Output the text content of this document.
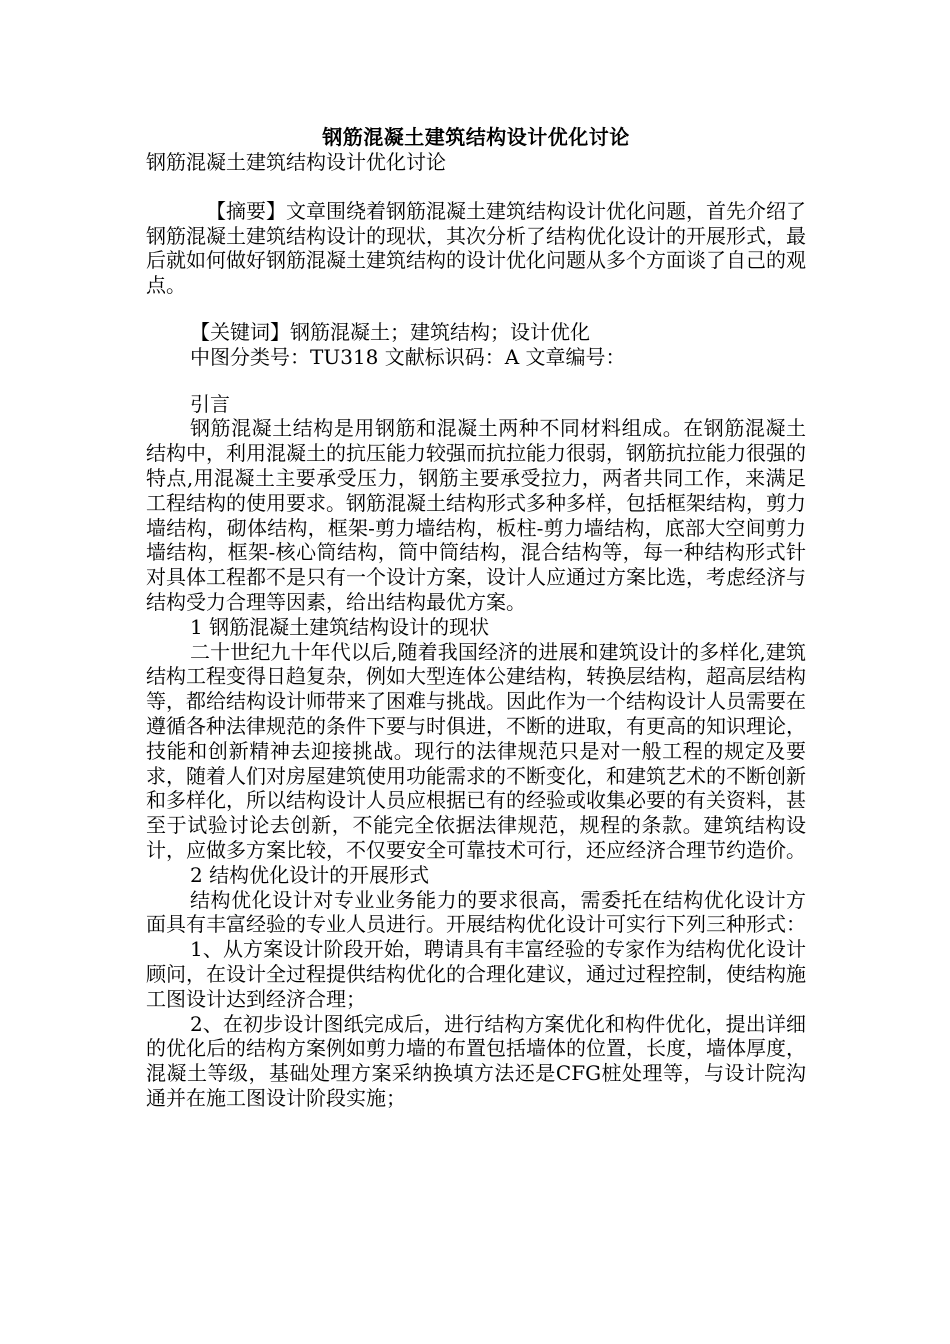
钢筋混凝土建筑结构设计优化讨论

钢筋混凝土建筑结构设计优化讨论

【摘要】文章围绕着钢筋混凝土建筑结构设计优化问题，首先介绍了钢筋混凝土建筑结构设计的现状，其次分析了结构优化设计的开展形式，最后就如何做好钢筋混凝土建筑结构的设计优化问题从多个方面谈了自己的观点。

【关键词】钢筋混凝土；建筑结构；设计优化

中图分类号：TU318 文献标识码：A 文章编号：

引言

钢筋混凝土结构是用钢筋和混凝土两种不同材料组成。在钢筋混凝土结构中，利用混凝土的抗压能力较强而抗拉能力很弱，钢筋抗拉能力很强的特点,用混凝土主要承受压力，钢筋主要承受拉力，两者共同工作，来满足工程结构的使用要求。钢筋混凝土结构形式多种多样，包括框架结构，剪力墙结构，砌体结构，框架-剪力墙结构，板柱-剪力墙结构，底部大空间剪力墙结构，框架-核心筒结构，筒中筒结构，混合结构等，每一种结构形式针对具体工程都不是只有一个设计方案，设计人应通过方案比选，考虑经济与结构受力合理等因素，给出结构最优方案。

1 钢筋混凝土建筑结构设计的现状

二十世纪九十年代以后,随着我国经济的进展和建筑设计的多样化,建筑结构工程变得日趋复杂，例如大型连体公建结构，转换层结构，超高层结构等，都给结构设计师带来了困难与挑战。因此作为一个结构设计人员需要在遵循各种法律规范的条件下要与时俱进，不断的进取，有更高的知识理论，技能和创新精神去迎接挑战。现行的法律规范只是对一般工程的规定及要求，随着人们对房屋建筑使用功能需求的不断变化，和建筑艺术的不断创新和多样化，所以结构设计人员应根据已有的经验或收集必要的有关资料，甚至于试验讨论去创新，不能完全依据法律规范，规程的条款。建筑结构设计，应做多方案比较，不仅要安全可靠技术可行，还应经济合理节约造价。

2 结构优化设计的开展形式

结构优化设计对专业业务能力的要求很高，需委托在结构优化设计方面具有丰富经验的专业人员进行。开展结构优化设计可实行下列三种形式：

1、从方案设计阶段开始，聘请具有丰富经验的专家作为结构优化设计顾问，在设计全过程提供结构优化的合理化建议，通过过程控制，使结构施工图设计达到经济合理；

2、在初步设计图纸完成后，进行结构方案优化和构件优化，提出详细的优化后的结构方案例如剪力墙的布置包括墙体的位置，长度，墙体厚度，混凝土等级，基础处理方案采纳换填方法还是CFG桩处理等，与设计院沟通并在施工图设计阶段实施；
